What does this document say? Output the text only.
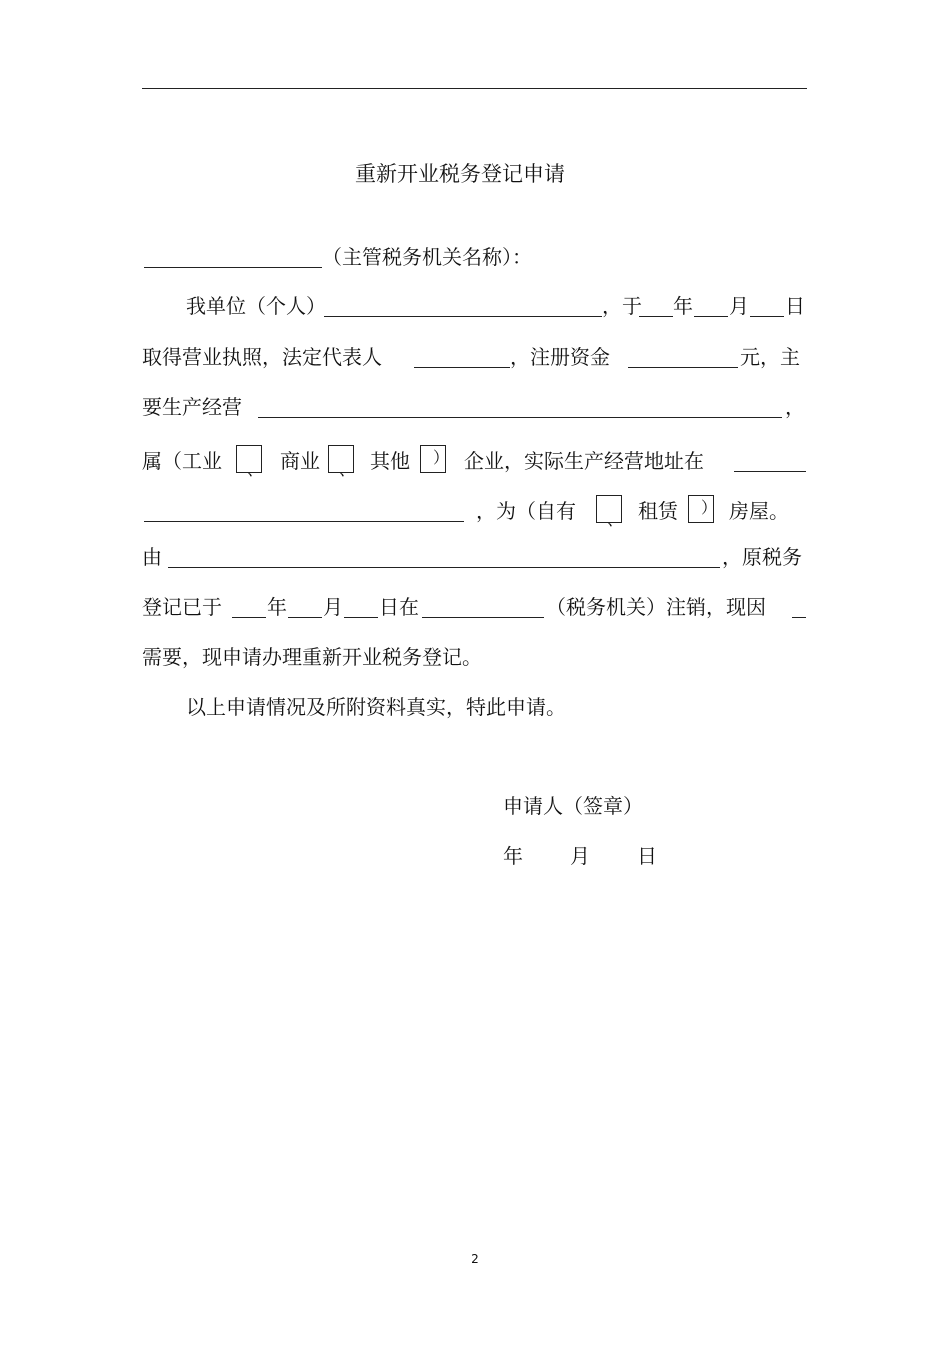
重新开业税务登记申请
（主管税务机关名称）：
我单位（个人）	，于 年 月 日
取得营业执照，法定代表人	，注册资金	元，主
要生产经营	，
属（工业 、 商业 、 其他 ） 企业，实际生产经营地址在
，为（自有 、 租赁 ） 房屋。
由	，原税务
登记已于 年 月 日在	（税务机关）注销，现因
需要，现申请办理重新开业税务登记。
以上申请情况及所附资料真实，特此申请。
申请人（签章）
年 月 日
2
